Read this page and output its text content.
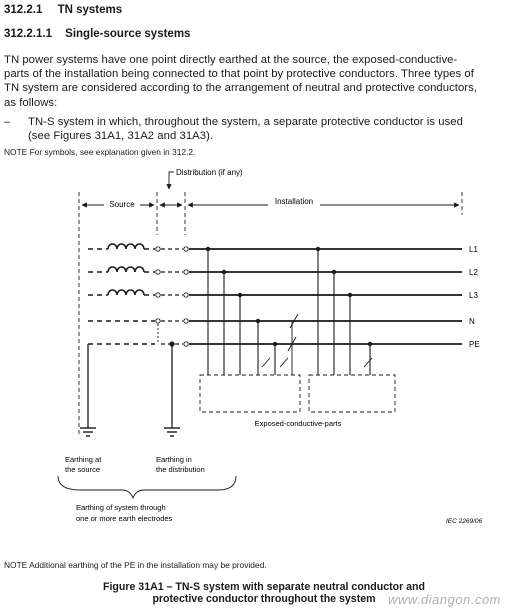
312.2.1 TN systems
312.2.1.1 Single-source systems
TN power systems have one point directly earthed at the source, the exposed-conductive-
parts of the installation being connected to that point by protective conductors. Three types of
TN system are considered according to the arrangement of neutral and protective conductors,
as follows:
– TN-S system in which, throughout the system, a separate protective conductor is used
(see Figures 31A1, 31A2 and 31A3).
NOTE For symbols, see explanation given in 312.2.
Distribution (if any)
Source	Installation
L1
L2
L3
N
PE
Exposed-conductive-parts
Earthing at
the source
Earthing in
the distribution
Earthing of system through
one or more earth electrodes	IEC 2269/06
NOTE Additional earthing of the PE in the installation may be provided.
Figure 31A1 – TN-S system with separate neutral conductor and
protective conductor throughout the system www.diangon.com
